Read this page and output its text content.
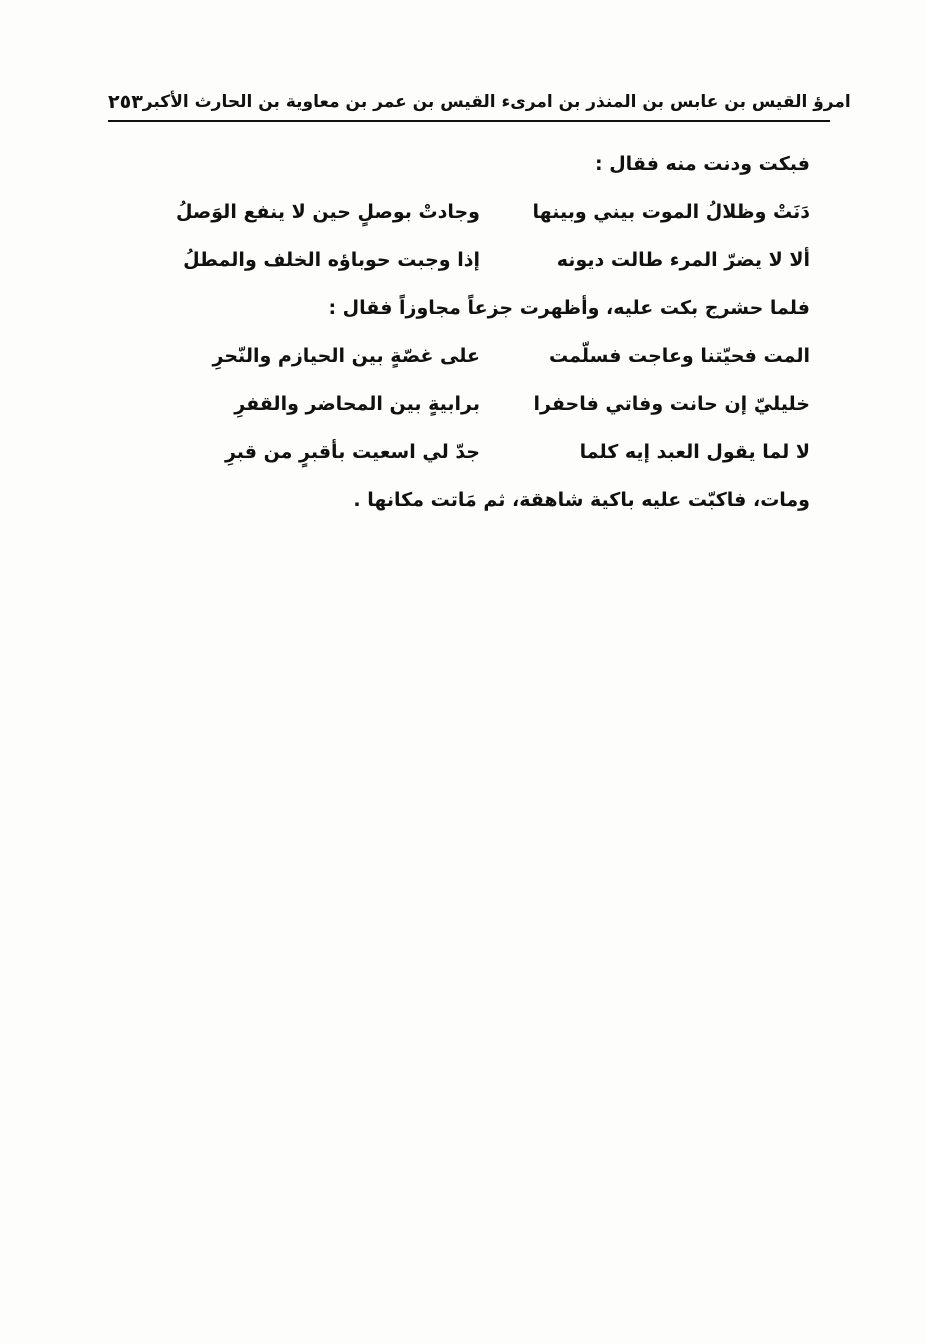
٢٥٣ امرؤ القيس بن عابس بن المنذر بن امرىء القيس بن عمر بن معاوية بن الحارث الأكبر
فبكت ودنت منه فقال :
دَنَتْ وظلالُ الموت بيني وبينها
وجادتْ بوصلٍ حين لا ينفع الوَصلُ
ألا لا يضرّ المرء طالت ديونه
إذا وجبت حوباؤه الخلف والمطلُ
فلما حشرج بكت عليه، وأظهرت جزعاً مجاوزاً فقال :
المت فحيّتنا وعاجت فسلّمت
على غصّةٍ بين الحيازم والنّحرِ
خليليّ إن حانت وفاتي فاحفرا
برابيةٍ بين المحاضر والقفرِ
لا لما يقول العبد إيه كلما
جدّ لي اسعيت بأقبرٍ من قبرِ
ومات، فاكبّت عليه باكية شاهقة، ثم مَاتت مكانها .
